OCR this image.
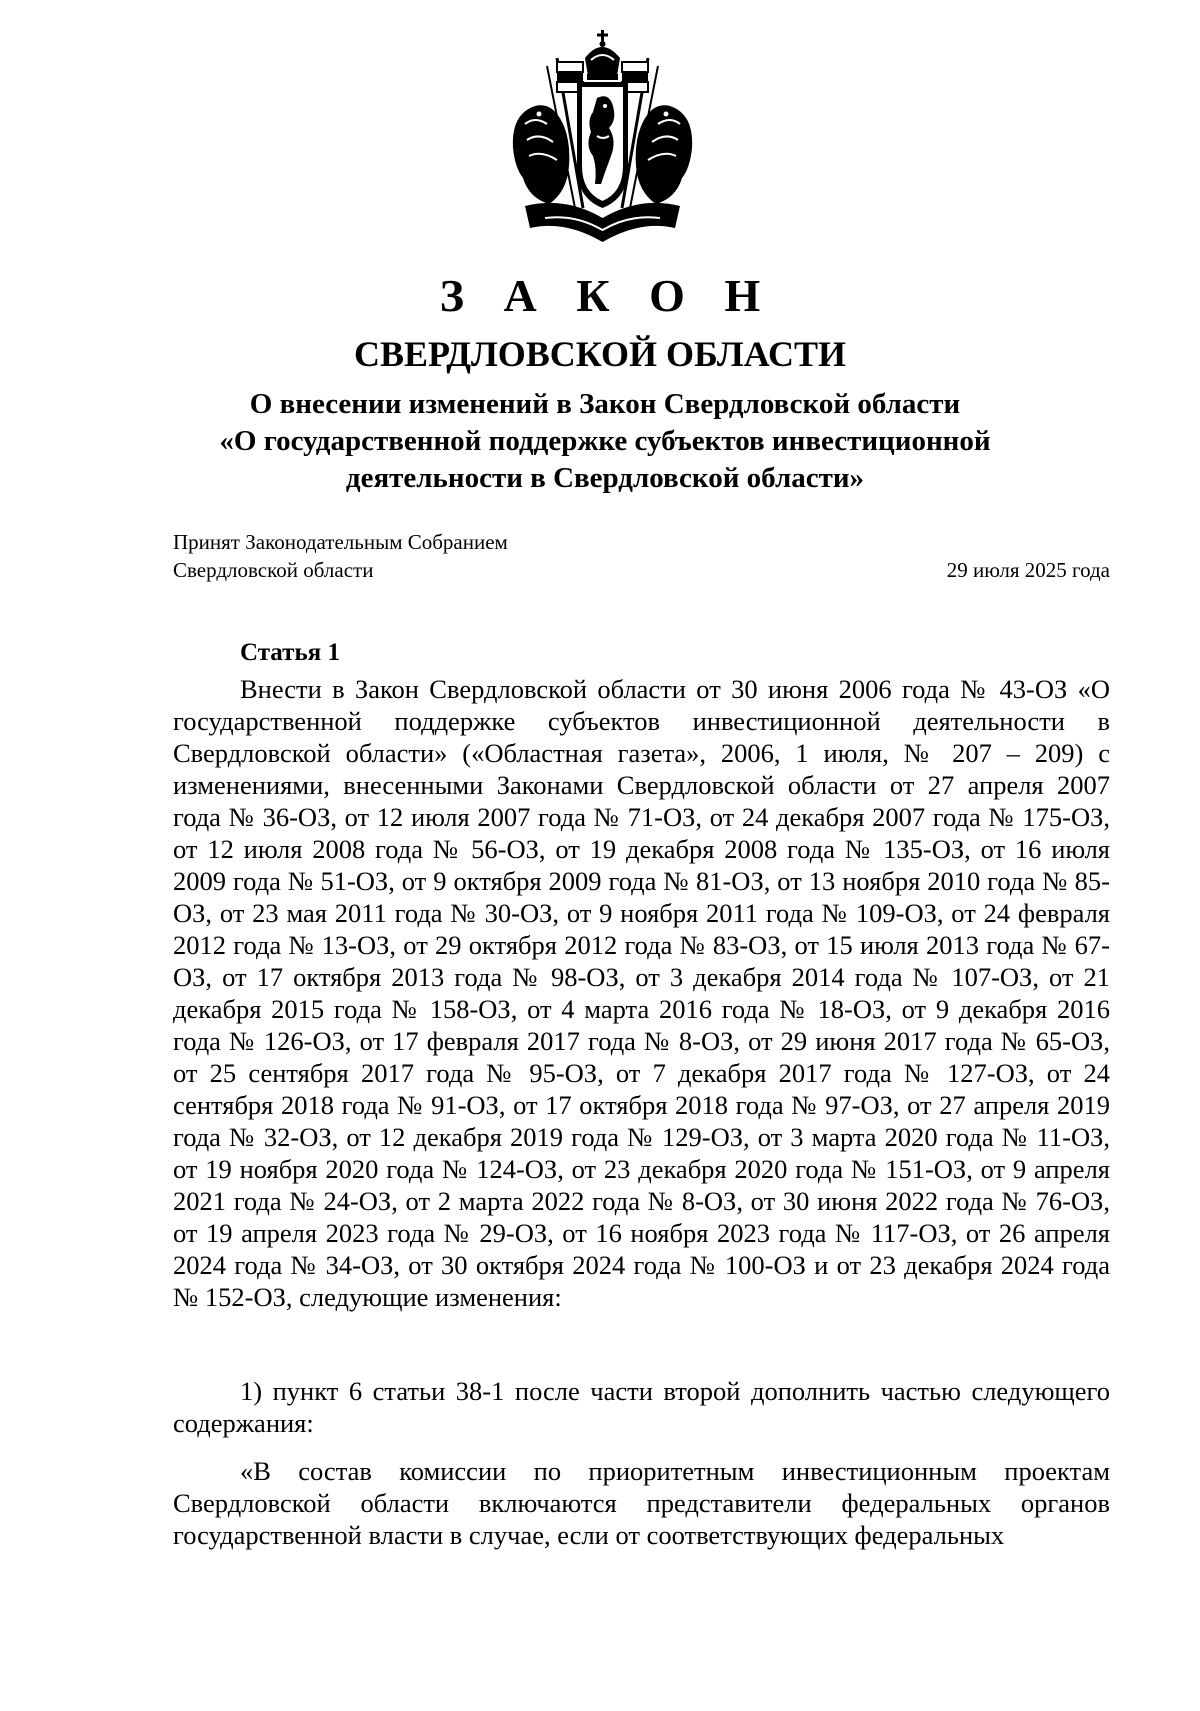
З А К О Н
СВЕРДЛОВСКОЙ ОБЛАСТИ
О внесении изменений в Закон Свердловской области
«О государственной поддержке субъектов инвестиционной
деятельности в Свердловской области»
Принят Законодательным Собранием
Свердловской области	29 июля 2025 года
Статья 1

Внести в Закон Свердловской области от 30 июня 2006 года № 43-ОЗ «О государственной поддержке субъектов инвестиционной деятельности в Свердловской области» («Областная газета», 2006, 1 июля, № 207 – 209) с изменениями, внесенными Законами Свердловской области от 27 апреля 2007 года № 36-ОЗ, от 12 июля 2007 года № 71-ОЗ, от 24 декабря 2007 года № 175-ОЗ, от 12 июля 2008 года № 56-ОЗ, от 19 декабря 2008 года № 135-ОЗ, от 16 июля 2009 года № 51-ОЗ, от 9 октября 2009 года № 81-ОЗ, от 13 ноября 2010 года № 85-ОЗ, от 23 мая 2011 года № 30-ОЗ, от 9 ноября 2011 года № 109-ОЗ, от 24 февраля 2012 года № 13-ОЗ, от 29 октября 2012 года № 83-ОЗ, от 15 июля 2013 года № 67-ОЗ, от 17 октября 2013 года № 98-ОЗ, от 3 декабря 2014 года № 107-ОЗ, от 21 декабря 2015 года № 158-ОЗ, от 4 марта 2016 года № 18-ОЗ, от 9 декабря 2016 года № 126-ОЗ, от 17 февраля 2017 года № 8-ОЗ, от 29 июня 2017 года № 65-ОЗ, от 25 сентября 2017 года № 95-ОЗ, от 7 декабря 2017 года № 127-ОЗ, от 24 сентября 2018 года № 91-ОЗ, от 17 октября 2018 года № 97-ОЗ, от 27 апреля 2019 года № 32-ОЗ, от 12 декабря 2019 года № 129-ОЗ, от 3 марта 2020 года № 11-ОЗ, от 19 ноября 2020 года № 124-ОЗ, от 23 декабря 2020 года № 151-ОЗ, от 9 апреля 2021 года № 24-ОЗ, от 2 марта 2022 года № 8-ОЗ, от 30 июня 2022 года № 76-ОЗ, от 19 апреля 2023 года № 29-ОЗ, от 16 ноября 2023 года № 117-ОЗ, от 26 апреля 2024 года № 34-ОЗ, от 30 октября 2024 года № 100-ОЗ и от 23 декабря 2024 года № 152-ОЗ, следующие изменения:

1) пункт 6 статьи 38-1 после части второй дополнить частью следующего содержания:

«В состав комиссии по приоритетным инвестиционным проектам Свердловской области включаются представители федеральных органов государственной власти в случае, если от соответствующих федеральных
